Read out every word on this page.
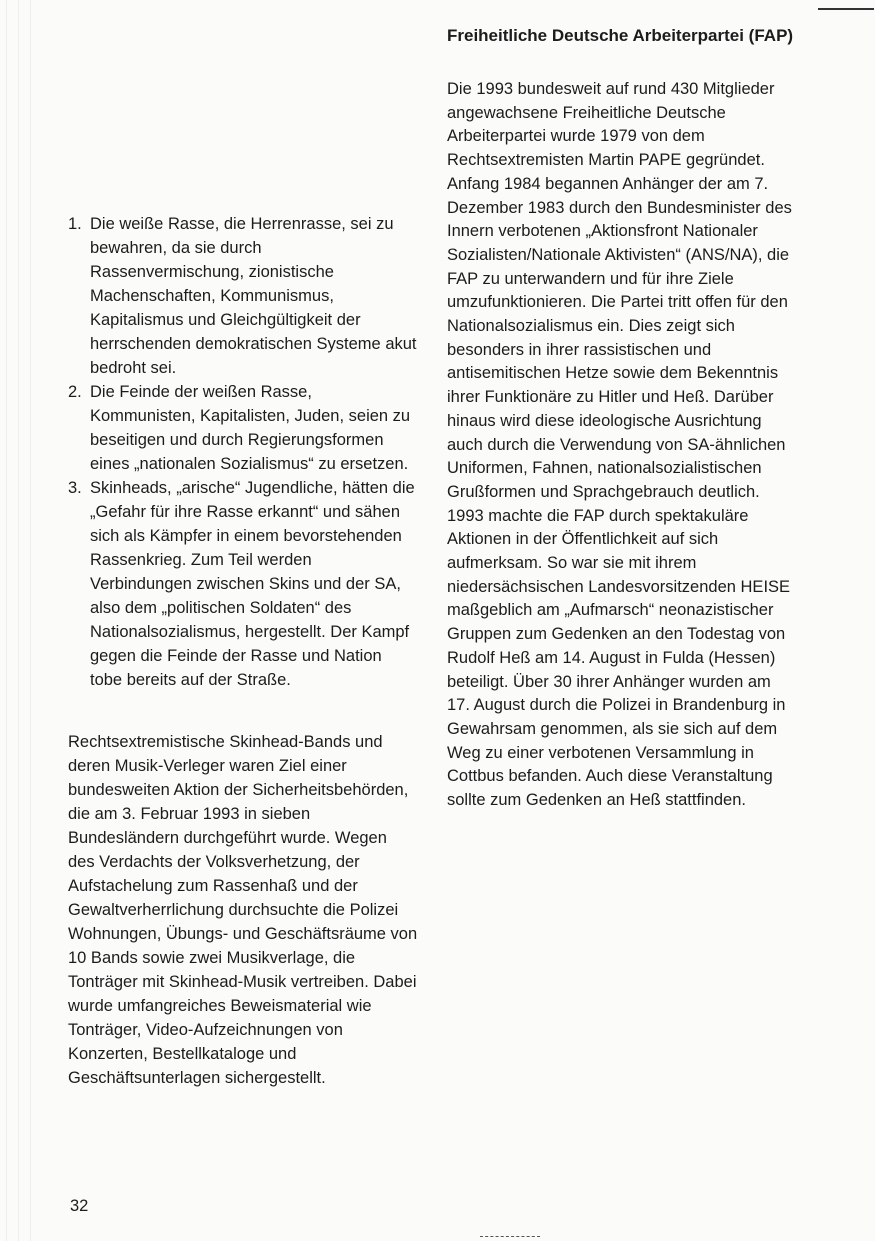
1. Die weiße Rasse, die Herrenrasse, sei zu bewahren, da sie durch Rassenvermischung, zionistische Machenschaften, Kommunismus, Kapitalismus und Gleichgültigkeit der herrschenden demokratischen Systeme akut bedroht sei.
2. Die Feinde der weißen Rasse, Kommunisten, Kapitalisten, Juden, seien zu beseitigen und durch Regierungsformen eines „nationalen Sozialismus“ zu ersetzen.
3. Skinheads, „arische“ Jugendliche, hätten die „Gefahr für ihre Rasse erkannt“ und sähen sich als Kämpfer in einem bevorstehenden Rassenkrieg. Zum Teil werden Verbindungen zwischen Skins und der SA, also dem „politischen Soldaten“ des Nationalsozialismus, hergestellt. Der Kampf gegen die Feinde der Rasse und Nation tobe bereits auf der Straße.

Rechtsextremistische Skinhead-Bands und deren Musik-Verleger waren Ziel einer bundesweiten Aktion der Sicherheitsbehörden, die am 3. Februar 1993 in sieben Bundesländern durchgeführt wurde. Wegen des Verdachts der Volksverhetzung, der Aufstachelung zum Rassenhaß und der Gewaltverherrlichung durchsuchte die Polizei Wohnungen, Übungs- und Geschäftsräume von 10 Bands sowie zwei Musikverlage, die Tonträger mit Skinhead-Musik vertreiben. Dabei wurde umfangreiches Beweismaterial wie Tonträger, Video-Aufzeichnungen von Konzerten, Bestellkataloge und Geschäftsunterlagen sichergestellt.

Freiheitliche Deutsche Arbeiterpartei (FAP)

Die 1993 bundesweit auf rund 430 Mitglieder angewachsene Freiheitliche Deutsche Arbeiterpartei wurde 1979 von dem Rechtsextremisten Martin PAPE gegründet. Anfang 1984 begannen Anhänger der am 7. Dezember 1983 durch den Bundesminister des Innern verbotenen „Aktionsfront Nationaler Sozialisten/Nationale Aktivisten“ (ANS/NA), die FAP zu unterwandern und für ihre Ziele umzufunktionieren. Die Partei tritt offen für den Nationalsozialismus ein. Dies zeigt sich besonders in ihrer rassistischen und antisemitischen Hetze sowie dem Bekenntnis ihrer Funktionäre zu Hitler und Heß. Darüber hinaus wird diese ideologische Ausrichtung auch durch die Verwendung von SA-ähnlichen Uniformen, Fahnen, nationalsozialistischen Grußformen und Sprachgebrauch deutlich. 1993 machte die FAP durch spektakuläre Aktionen in der Öffentlichkeit auf sich aufmerksam. So war sie mit ihrem niedersächsischen Landesvorsitzenden HEISE maßgeblich am „Aufmarsch“ neonazistischer Gruppen zum Gedenken an den Todestag von Rudolf Heß am 14. August in Fulda (Hessen) beteiligt. Über 30 ihrer Anhänger wurden am 17. August durch die Polizei in Brandenburg in Gewahrsam genommen, als sie sich auf dem Weg zu einer verbotenen Versammlung in Cottbus befanden. Auch diese Veranstaltung sollte zum Gedenken an Heß stattfinden.

32
